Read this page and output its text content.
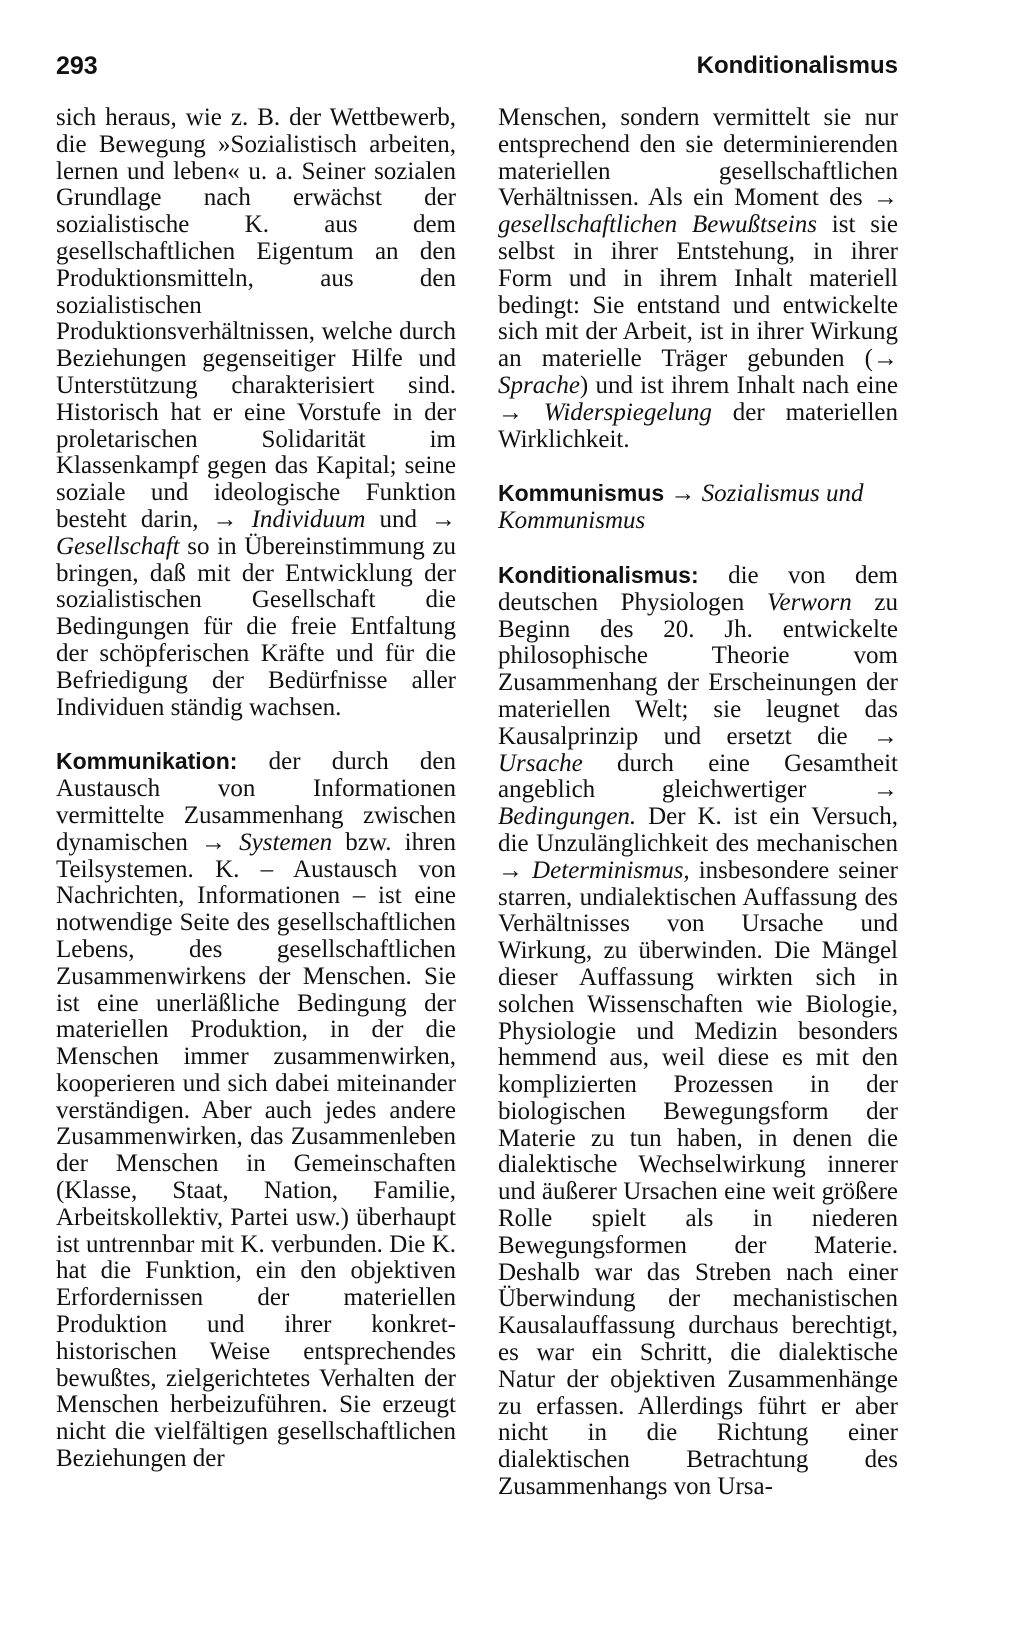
293	Konditionalismus

sich heraus, wie z. B. der Wettbewerb, die Bewegung »Sozialistisch arbeiten, lernen und leben« u. a. Seiner sozialen Grundlage nach erwächst der sozialistische K. aus dem gesellschaftlichen Eigentum an den Produktionsmitteln, aus den sozialistischen Produktionsverhältnissen, welche durch Beziehungen gegenseitiger Hilfe und Unterstützung charakterisiert sind. Historisch hat er eine Vorstufe in der proletarischen Solidarität im Klassenkampf gegen das Kapital; seine soziale und ideologische Funktion besteht darin, → Individuum und → Gesellschaft so in Übereinstimmung zu bringen, daß mit der Entwicklung der sozialistischen Gesellschaft die Bedingungen für die freie Entfaltung der schöpferischen Kräfte und für die Befriedigung der Bedürfnisse aller Individuen ständig wachsen.

Kommunikation: der durch den Austausch von Informationen vermittelte Zusammenhang zwischen dynamischen → Systemen bzw. ihren Teilsystemen. K. – Austausch von Nachrichten, Informationen – ist eine notwendige Seite des gesellschaftlichen Lebens, des gesellschaftlichen Zusammenwirkens der Menschen. Sie ist eine unerläßliche Bedingung der materiellen Produktion, in der die Menschen immer zusammenwirken, kooperieren und sich dabei miteinander verständigen. Aber auch jedes andere Zusammenwirken, das Zusammenleben der Menschen in Gemeinschaften (Klasse, Staat, Nation, Familie, Arbeitskollektiv, Partei usw.) überhaupt ist untrennbar mit K. verbunden. Die K. hat die Funktion, ein den objektiven Erfordernissen der materiellen Produktion und ihrer konkret-historischen Weise entsprechendes bewußtes, zielgerichtetes Verhalten der Menschen herbeizuführen. Sie erzeugt nicht die vielfältigen gesellschaftlichen Beziehungen der

Menschen, sondern vermittelt sie nur entsprechend den sie determinierenden materiellen gesellschaftlichen Verhältnissen. Als ein Moment des → gesellschaftlichen Bewußtseins ist sie selbst in ihrer Entstehung, in ihrer Form und in ihrem Inhalt materiell bedingt: Sie entstand und entwickelte sich mit der Arbeit, ist in ihrer Wirkung an materielle Träger gebunden (→ Sprache) und ist ihrem Inhalt nach eine → Widerspiegelung der materiellen Wirklichkeit.

Kommunismus → Sozialismus und Kommunismus

Konditionalismus: die von dem deutschen Physiologen Verworn zu Beginn des 20. Jh. entwickelte philosophische Theorie vom Zusammenhang der Erscheinungen der materiellen Welt; sie leugnet das Kausalprinzip und ersetzt die → Ursache durch eine Gesamtheit angeblich gleichwertiger	→ Bedingungen. Der K. ist ein Versuch, die Unzulänglichkeit des mechanischen → Determinismus, insbesondere seiner starren, undialektischen Auffassung des Verhältnisses von Ursache und Wirkung, zu überwinden. Die Mängel dieser Auffassung wirkten sich in solchen Wissenschaften wie Biologie, Physiologie und Medizin besonders hemmend aus, weil diese es mit den komplizierten Prozessen in der biologischen Bewegungsform der Materie zu tun haben, in denen die dialektische Wechselwirkung innerer und äußerer Ursachen eine weit größere Rolle spielt als in niederen Bewegungsformen der Materie. Deshalb war das Streben nach einer Überwindung der mechanistischen Kausalauffassung durchaus berechtigt, es war ein Schritt, die dialektische Natur der objektiven Zusammenhänge zu erfassen. Allerdings führt er aber nicht in die Richtung einer dialektischen Betrachtung des Zusammenhangs von Ursa-
